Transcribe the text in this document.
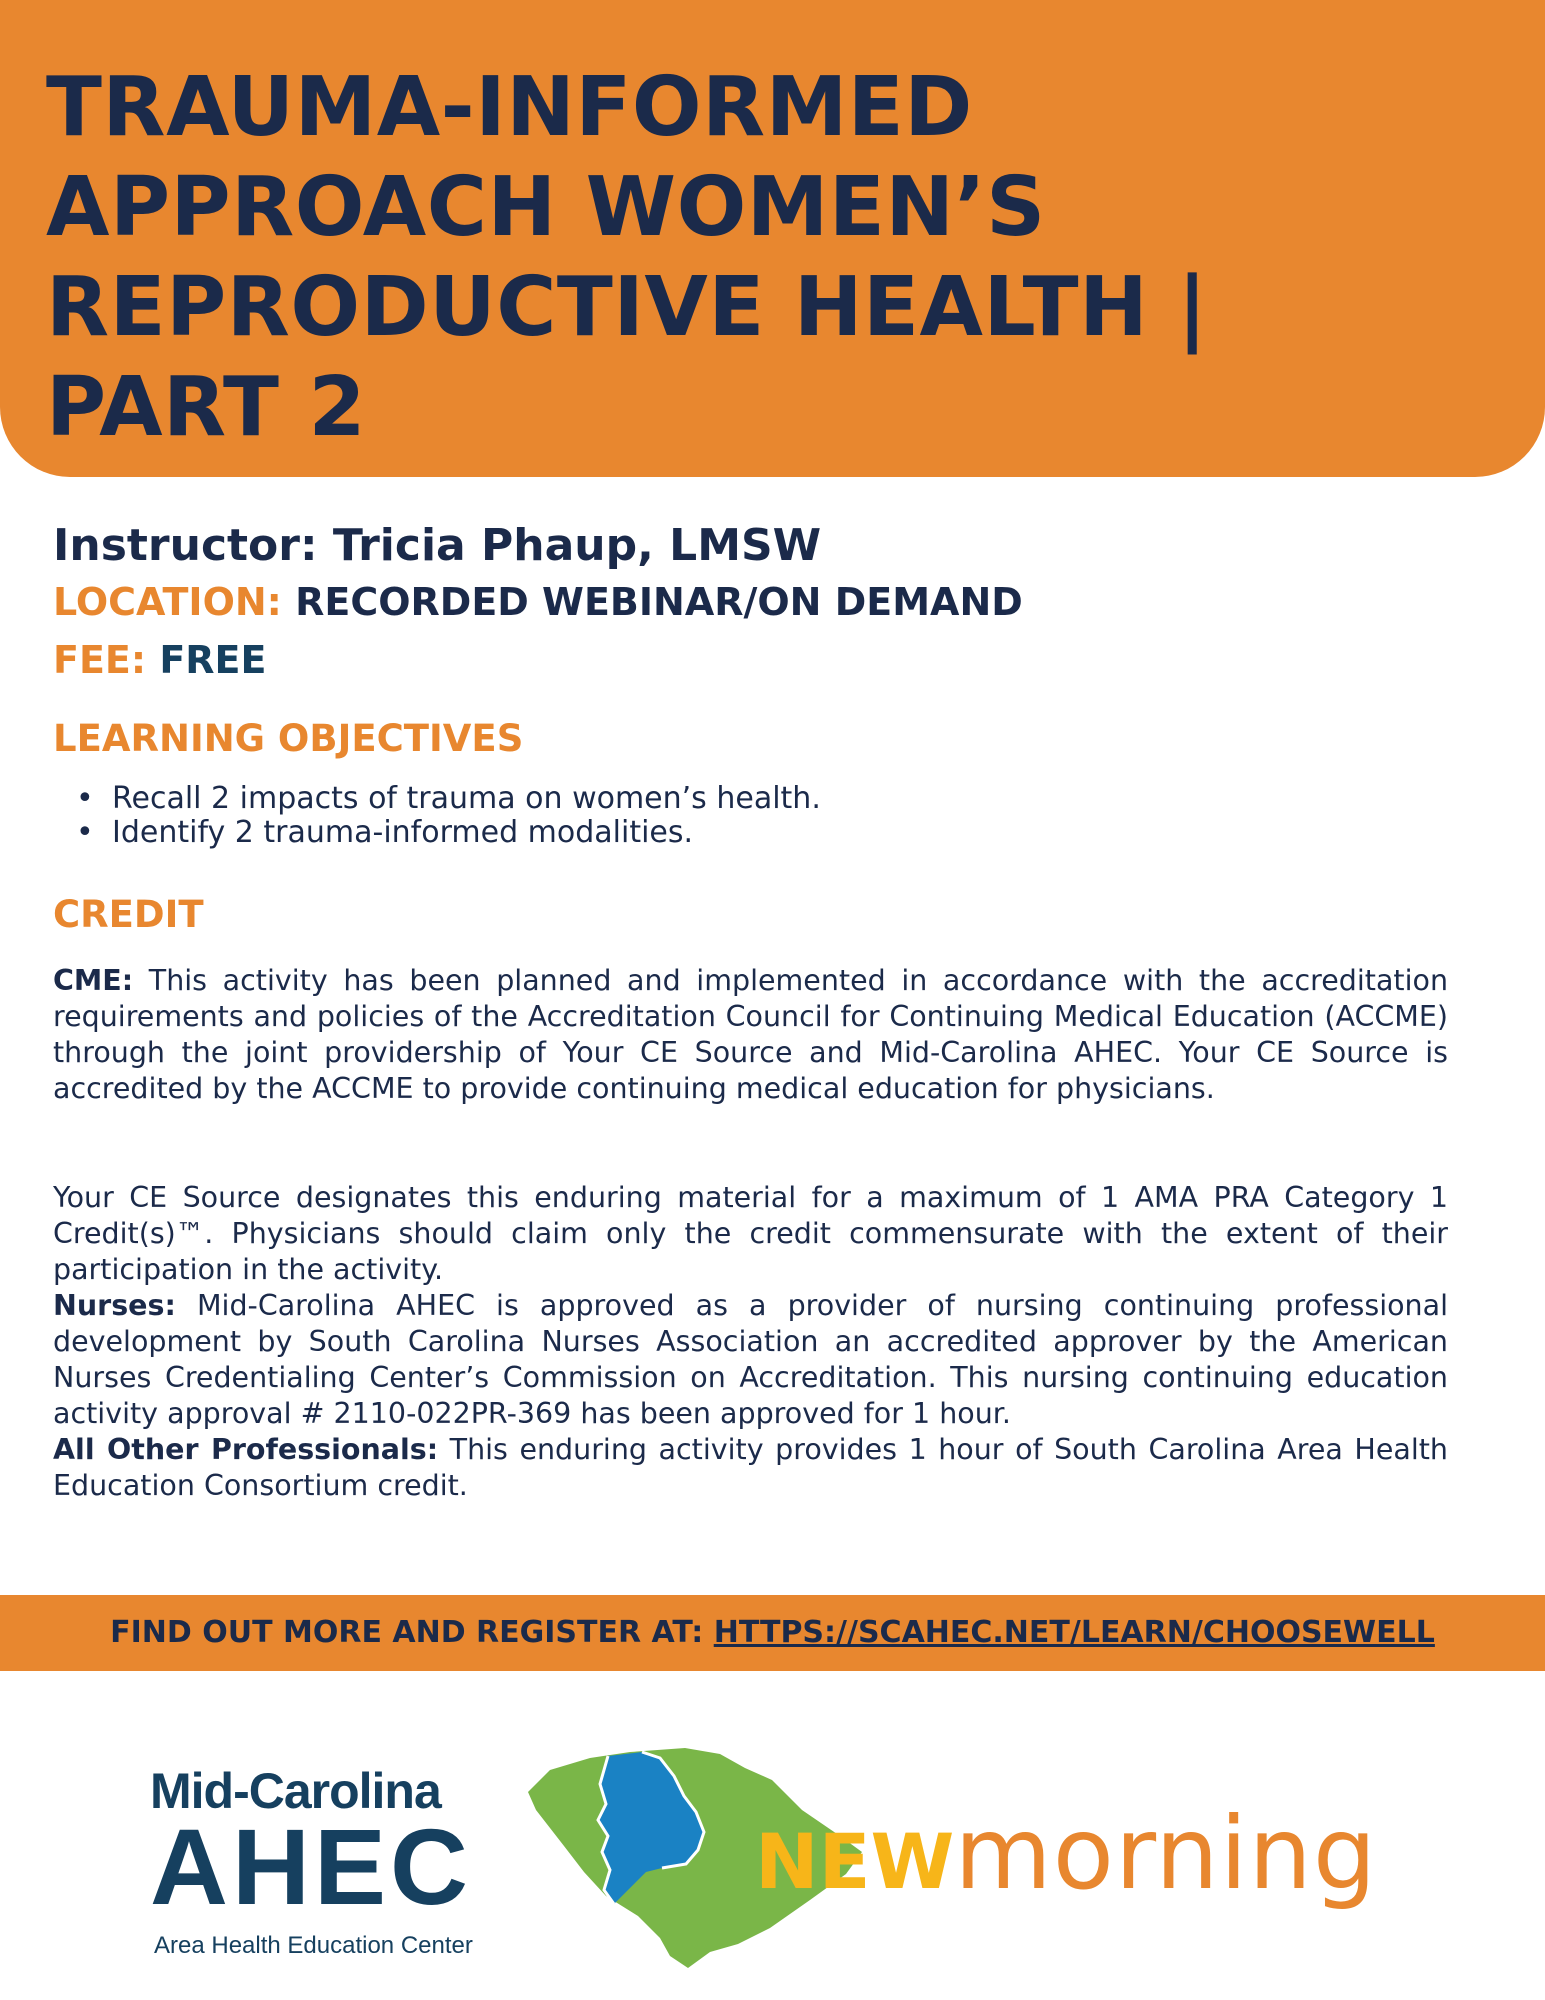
TRAUMA-INFORMED
APPROACH WOMEN’S
REPRODUCTIVE HEALTH |
PART 2
Instructor: Tricia Phaup, LMSW
LOCATION: RECORDED WEBINAR/ON DEMAND
FEE: FREE
LEARNING OBJECTIVES
• Recall 2 impacts of trauma on women’s health.
• Identify 2 trauma-informed modalities.
CREDIT
CME: This activity has been planned and implemented in accordance with the accreditation requirements and policies of the Accreditation Council for Continuing Medical Education (ACCME) through the joint providership of Your CE Source and Mid-Carolina AHEC. Your CE Source is accredited by the ACCME to provide continuing medical education for physicians.
Your CE Source designates this enduring material for a maximum of 1 AMA PRA Category 1 Credit(s)™. Physicians should claim only the credit commensurate with the extent of their participation in the activity.
Nurses: Mid-Carolina AHEC is approved as a provider of nursing continuing professional development by South Carolina Nurses Association an accredited approver by the American Nurses Credentialing Center’s Commission on Accreditation. This nursing continuing education activity approval # 2110-022PR-369 has been approved for 1 hour.
All Other Professionals: This enduring activity provides 1 hour of South Carolina Area Health Education Consortium credit.
FIND OUT MORE AND REGISTER AT: HTTPS://SCAHEC.NET/LEARN/CHOOSEWELL
Mid-Carolina
AHEC
Area Health Education Center
NEWmorning
